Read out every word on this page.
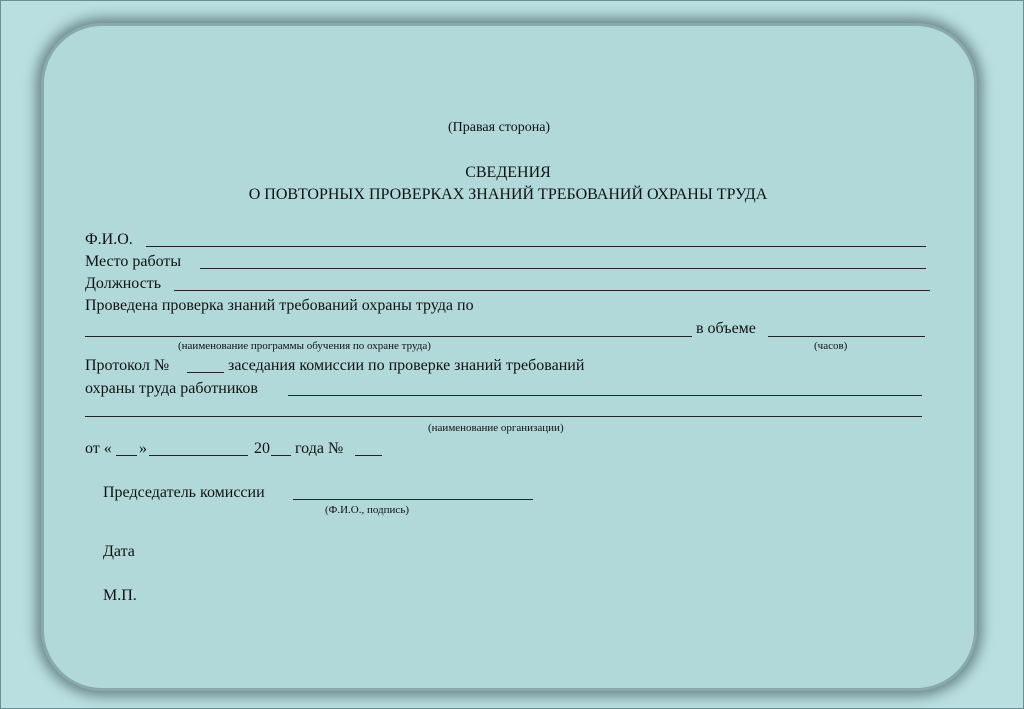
(Правая сторона)
СВЕДЕНИЯ
О ПОВТОРНЫХ ПРОВЕРКАХ ЗНАНИЙ ТРЕБОВАНИЙ ОХРАНЫ ТРУДА
Ф.И.О.
Место работы
Должность
Проведена проверка знаний требований охраны труда по
в объеме
(наименование программы обучения по охране труда)	(часов)
Протокол №	заседания комиссии по проверке знаний требований
охраны труда работников
(наименование организации)
от « »	20 года №
Председатель комиссии
(Ф.И.О., подпись)
Дата
М.П.
